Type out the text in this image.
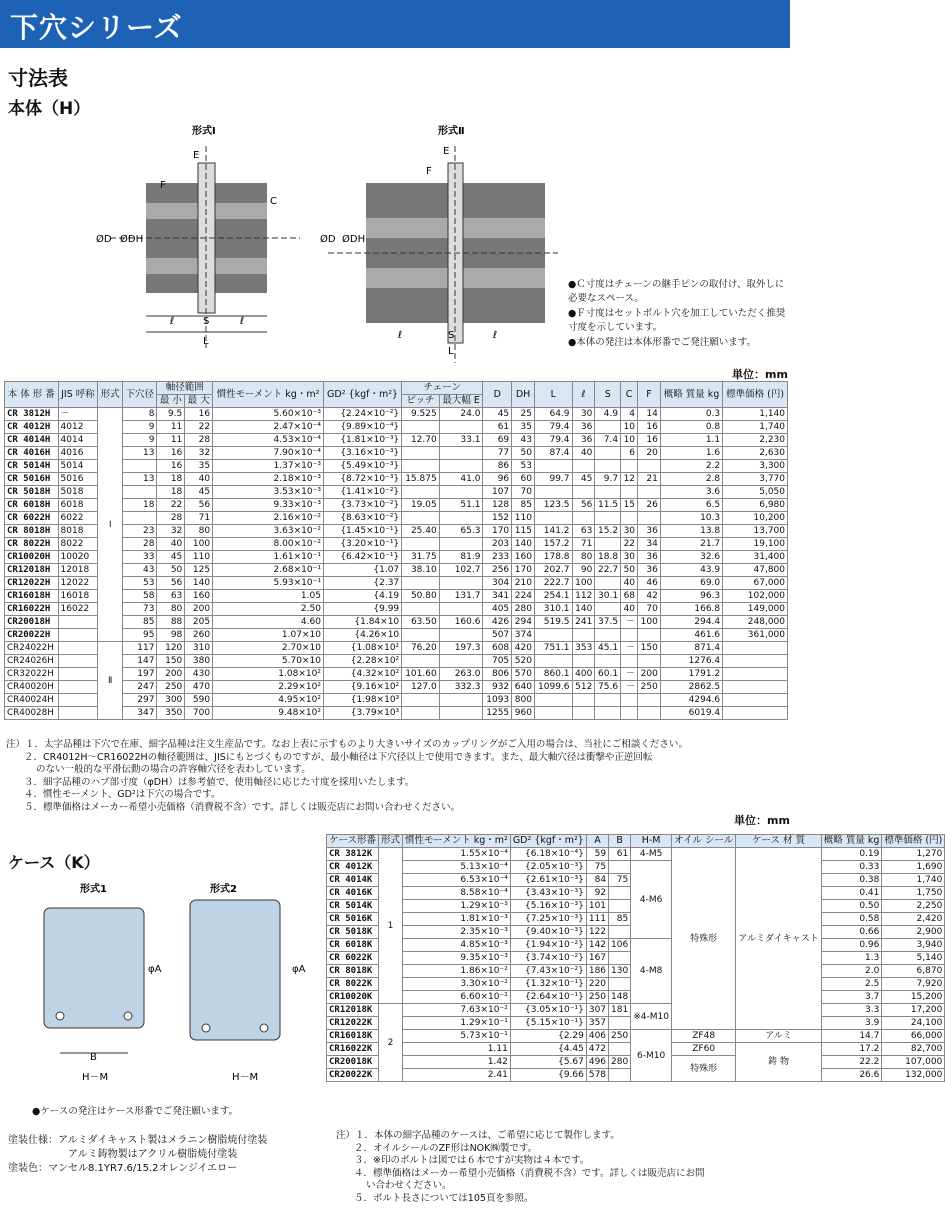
下穴シリーズ
寸法表
本体（H）
形式Ⅰ
E
F
C
ØD ØDH
ℓ	S	ℓ
L
形式Ⅱ
E
F
ØD ØDH
ℓ	S	ℓ
L
●Ｃ寸度はチェーンの継手ピンの取付け、取外しに必要なスペース。
●Ｆ寸度はセットボルト穴を加工していただく推奨寸度を示しています。
●本体の発注は本体形番でご発注願います。
単位：mm
本 体 形 番	JIS 呼称	形式	下穴径	軸径範囲		慣性モーメント kg・m²	GD² {kgf・m²}	チェーン		D	DH	L	ℓ	S	C	F	概略 質量 kg	標準価格 (円)
				最 小	最 大			ピッチ	最大幅 E									
CR 3812H	－	Ⅰ	8	9.5	16	5.60×10⁻³	{2.24×10⁻²}	9.525	24.0	45	25	64.9	30	4.9	4	14	0.3	1,140
CR 4012H	4012		9	11	22	2.47×10⁻⁴	{9.89×10⁻⁴}			61	35	79.4	36		10	16	0.8	1,740
CR 4014H	4014		9	11	28	4.53×10⁻⁴	{1.81×10⁻³}	12.70	33.1	69	43	79.4	36	7.4	10	16	1.1	2,230
CR 4016H	4016		13	16	32	7.90×10⁻⁴	{3.16×10⁻³}			77	50	87.4	40		6	20	1.6	2,630
CR 5014H	5014			16	35	1.37×10⁻³	{5.49×10⁻³}			86	53						2.2	3,300
CR 5016H	5016		13	18	40	2.18×10⁻³	{8.72×10⁻³}	15.875	41.0	96	60	99.7	45	9.7	12	21	2.8	3,770
CR 5018H	5018			18	45	3.53×10⁻³	{1.41×10⁻²}			107	70						3.6	5,050
CR 6018H	6018		18	22	56	9.33×10⁻³	{3.73×10⁻²}	19.05	51.1	128	85	123.5	56	11.5	15	26	6.5	6,980
CR 6022H	6022			28	71	2.16×10⁻²	{8.63×10⁻²}			152	110						10.3	10,200
CR 8018H	8018		23	32	80	3.63×10⁻²	{1.45×10⁻¹}	25.40	65.3	170	115	141.2	63	15.2	30	36	13.8	13,700
CR 8022H	8022		28	40	100	8.00×10⁻²	{3.20×10⁻¹}			203	140	157.2	71		22	34	21.7	19,100
CR10020H	10020		33	45	110	1.61×10⁻¹	{6.42×10⁻¹}	31.75	81.9	233	160	178.8	80	18.8	30	36	32.6	31,400
CR12018H	12018		43	50	125	2.68×10⁻¹	{1.07	38.10	102.7	256	170	202.7	90	22.7	50	36	43.9	47,800
CR12022H	12022		53	56	140	5.93×10⁻¹	{2.37			304	210	222.7	100		40	46	69.0	67,000
CR16018H	16018		58	63	160	1.05	{4.19	50.80	131.7	341	224	254.1	112	30.1	68	42	96.3	102,000
CR16022H	16022		73	80	200	2.50	{9.99			405	280	310.1	140		40	70	166.8	149,000
CR20018H			85	88	205	4.60	{1.84×10	63.50	160.6	426	294	519.5	241	37.5	－	100	294.4	248,000
CR20022H			95	98	260	1.07×10	{4.26×10			507	374						461.6	361,000
CR24022H		Ⅱ	117	120	310	2.70×10	{1.08×10²	76.20	197.3	608	420	751.1	353	45.1	－	150	871.4	
CR24026H			147	150	380	5.70×10	{2.28×10²			705	520						1276.4	
CR32022H			197	200	430	1.08×10²	{4.32×10²	101.60	263.0	806	570	860.1	400	60.1	－	200	1791.2	
CR40020H			247	250	470	2.29×10²	{9.16×10²	127.0	332.3	932	640	1099.6	512	75.6	－	250	2862.5	
CR40024H			297	300	590	4.95×10²	{1.98×10³			1093	800						4294.6	
CR40028H			347	350	700	9.48×10²	{3.79×10³			1255	960						6019.4	
注）１．太字品種は下穴で在庫、細字品種は注文生産品です。なお上表に示すものより大きいサイズのカップリングがご入用の場合は、当社にご相談ください。
２．CR4012H～CR16022Hの軸径範囲は、JISにもとづくものですが、最小軸径は下穴径以上で使用できます。また、最大軸穴径は衝撃や正逆回転
のない一般的な平滑伝動の場合の許容軸穴径を表わしています。
３．細字品種のハブ部寸度（φDH）は参考値で、使用軸径に応じた寸度を採用いたします。
４．慣性モーメント、GD²は下穴の場合です。
５．標準価格はメーカー希望小売価格（消費税不含）です。詳しくは販売店にお問い合わせください。
ケース（K）
形式1	形式2
φA	φA
B
H－M	H－M
●ケースの発注はケース形番でご発注願います。
塗装仕様：アルミダイキャスト製はメラニン樹脂焼付塗装
アルミ鋳物製はアクリル樹脂焼付塗装
塗装色：マンセル8.1YR7.6/15.2オレンジイエロー
単位：mm
ケース形番	形式	慣性モーメント kg・m²	GD² {kgf・m²}	A	B	H-M	オイル シール	ケース 材 質	概略 質量 kg	標準価格 (円)
CR 3812K	1	1.55×10⁻⁴	{6.18×10⁻⁴}	59	61	4-M5	特殊形	アルミダイキャスト	0.19	1,270
CR 4012K		5.13×10⁻⁴	{2.05×10⁻³}	75		4-M6			0.33	1,690
CR 4014K		6.53×10⁻⁴	{2.61×10⁻³}	84	75				0.38	1,740
CR 4016K		8.58×10⁻⁴	{3.43×10⁻³}	92					0.41	1,750
CR 5014K		1.29×10⁻³	{5.16×10⁻³}	101					0.50	2,250
CR 5016K		1.81×10⁻³	{7.25×10⁻³}	111	85				0.58	2,420
CR 5018K		2.35×10⁻³	{9.40×10⁻³}	122					0.66	2,900
CR 6018K		4.85×10⁻³	{1.94×10⁻²}	142	106	4-M8			0.96	3,940
CR 6022K		9.35×10⁻³	{3.74×10⁻²}	167					1.3	5,140
CR 8018K		1.86×10⁻²	{7.43×10⁻²}	186	130				2.0	6,870
CR 8022K		3.30×10⁻²	{1.32×10⁻¹}	220					2.5	7,920
CR10020K		6.60×10⁻²	{2.64×10⁻¹}	250	148				3.7	15,200
CR12018K	2	7.63×10⁻²	{3.05×10⁻¹}	307	181	※4-M10			3.3	17,200
CR12022K		1.29×10⁻¹	{5.15×10⁻¹}	357					3.9	24,100
CR16018K		5.73×10⁻¹	{2.29	406	250	6-M10	ZF48	アルミ	14.7	66,000
CR16022K		1.11	{4.45	472			ZF60	鋳 物	17.2	82,700
CR20018K		1.42	{5.67	496	280		特殊形		22.2	107,000
CR20022K		2.41	{9.66	578					26.6	132,000
注）１．本体の細字品種のケースは、ご希望に応じて製作します。
２．オイルシールのZF形はNOK㈱製です。
３．※印のボルトは図では６本ですが実物は４本です。
４．標準価格はメーカー希望小売価格（消費税不含）です。詳しくは販売店にお問
い合わせください。
５．ボルト長さについては105頁を参照。
